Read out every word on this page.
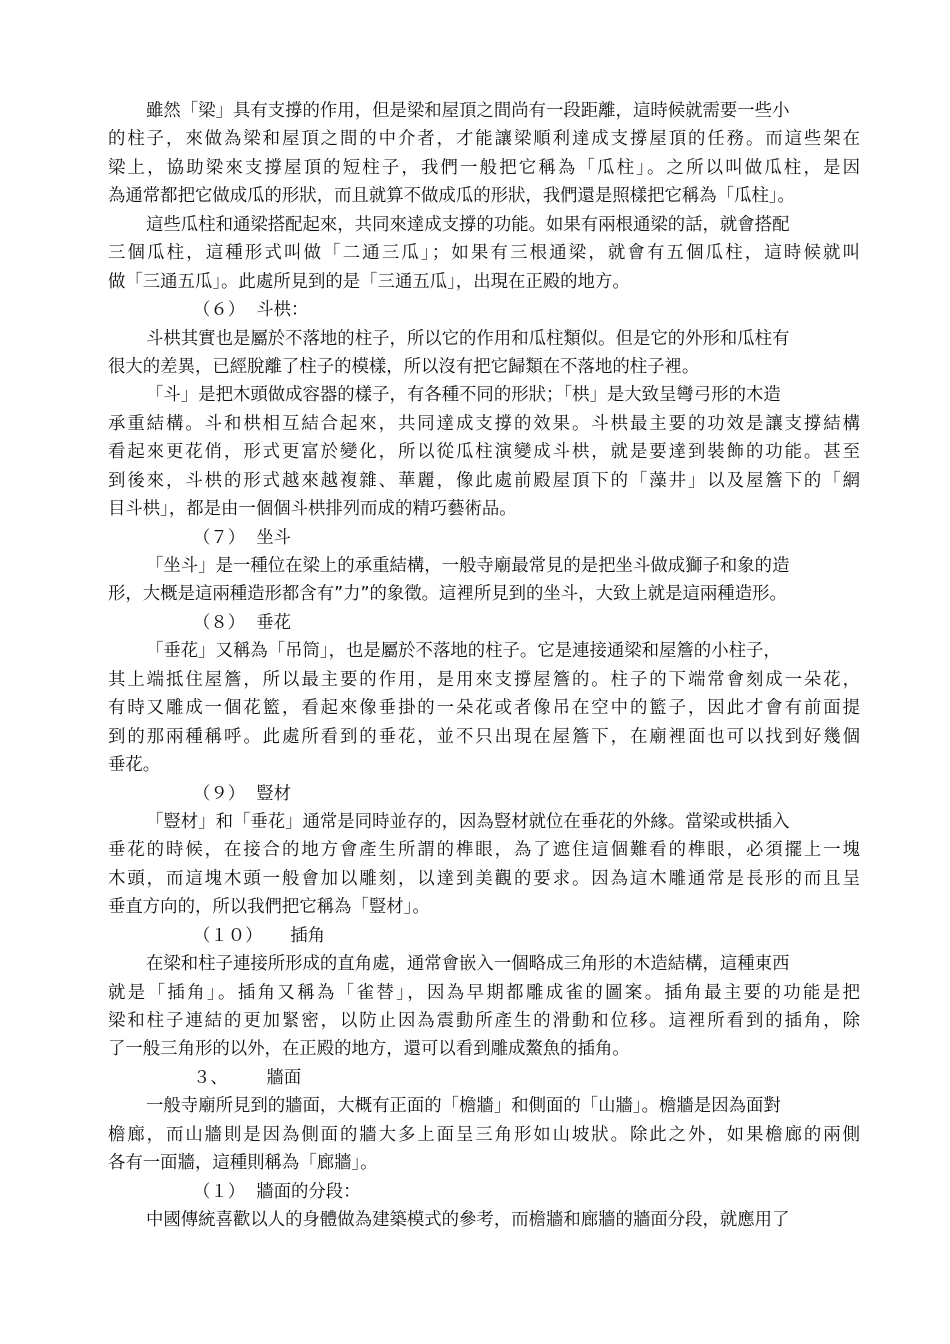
雖然「梁」具有支撐的作用，但是梁和屋頂之間尚有一段距離，這時候就需要一些小
的柱子，來做為梁和屋頂之間的中介者，才能讓梁順利達成支撐屋頂的任務。而這些架在
梁上，協助梁來支撐屋頂的短柱子，我們一般把它稱為「瓜柱」。之所以叫做瓜柱，是因
為通常都把它做成瓜的形狀，而且就算不做成瓜的形狀，我們還是照樣把它稱為「瓜柱」。
這些瓜柱和通梁搭配起來，共同來達成支撐的功能。如果有兩根通梁的話，就會搭配
三個瓜柱，這種形式叫做「二通三瓜」；如果有三根通梁，就會有五個瓜柱，這時候就叫
做「三通五瓜」。此處所見到的是「三通五瓜」，出現在正殿的地方。
（６）  斗栱：
斗栱其實也是屬於不落地的柱子，所以它的作用和瓜柱類似。但是它的外形和瓜柱有
很大的差異，已經脫離了柱子的模樣，所以沒有把它歸類在不落地的柱子裡。
「斗」是把木頭做成容器的樣子，有各種不同的形狀；「栱」是大致呈彎弓形的木造
承重結構。斗和栱相互結合起來，共同達成支撐的效果。斗栱最主要的功效是讓支撐結構
看起來更花俏，形式更富於變化，所以從瓜柱演變成斗栱，就是要達到裝飾的功能。甚至
到後來，斗栱的形式越來越複雜、華麗，像此處前殿屋頂下的「藻井」以及屋簷下的「網
目斗栱」，都是由一個個斗栱排列而成的精巧藝術品。
（７）  坐斗
「坐斗」是一種位在梁上的承重結構，一般寺廟最常見的是把坐斗做成獅子和象的造
形，大概是這兩種造形都含有”力”的象徵。這裡所見到的坐斗，大致上就是這兩種造形。
（８）  垂花
「垂花」又稱為「吊筒」，也是屬於不落地的柱子。它是連接通梁和屋簷的小柱子，
其上端抵住屋簷，所以最主要的作用，是用來支撐屋簷的。柱子的下端常會刻成一朵花，
有時又雕成一個花籃，看起來像垂掛的一朵花或者像吊在空中的籃子，因此才會有前面提
到的那兩種稱呼。此處所看到的垂花，並不只出現在屋簷下，在廟裡面也可以找到好幾個
垂花。
（９）  豎材
「豎材」和「垂花」通常是同時並存的，因為豎材就位在垂花的外緣。當梁或栱插入
垂花的時候，在接合的地方會產生所謂的榫眼，為了遮住這個難看的榫眼，必須擺上一塊
木頭，而這塊木頭一般會加以雕刻，以達到美觀的要求。因為這木雕通常是長形的而且呈
垂直方向的，所以我們把它稱為「豎材」。
（１０）     插角
在梁和柱子連接所形成的直角處，通常會嵌入一個略成三角形的木造結構，這種東西
就是「插角」。插角又稱為「雀替」，因為早期都雕成雀的圖案。插角最主要的功能是把
梁和柱子連結的更加緊密，以防止因為震動所產生的滑動和位移。這裡所看到的插角，除
了一般三角形的以外，在正殿的地方，還可以看到雕成鰲魚的插角。
３、       牆面
一般寺廟所見到的牆面，大概有正面的「檐牆」和側面的「山牆」。檐牆是因為面對
檐廊，而山牆則是因為側面的牆大多上面呈三角形如山坡狀。除此之外，如果檐廊的兩側
各有一面牆，這種則稱為「廊牆」。
（１）  牆面的分段：
中國傳統喜歡以人的身體做為建築模式的參考，而檐牆和廊牆的牆面分段，就應用了
